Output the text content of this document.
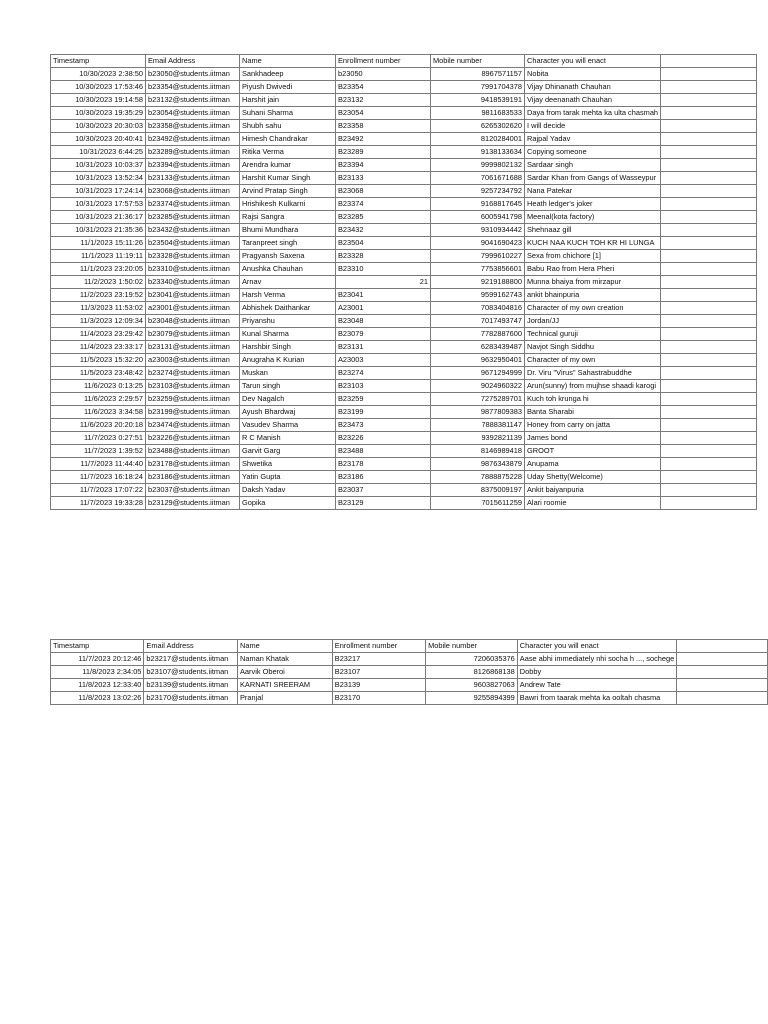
Timestamp	Email Address	Name	Enrollment number	Mobile number	Character you will enact	
10/30/2023 2:38:50	b23050@students.iitman	Sankhadeep	b23050	8967571157	Nobita	
10/30/2023 17:53:46	b23354@students.iitman	Piyush Dwivedi	B23354	7991704378	Vijay Dhinanath Chauhan	
10/30/2023 19:14:58	b23132@students.iitman	Harshit jain	B23132	9418539191	Vijay deenanath Chauhan	
10/30/2023 19:35:29	b23054@students.iitman	Suhani Sharma	B23054	9811683533	Daya from tarak mehta ka ulta chasmah	
10/30/2023 20:30:03	b23358@students.iitman	Shubh sahu	B23358	6265302620	I will decide	
10/30/2023 20:40:41	b23492@students.iitman	Himesh Chandrakar	B23492	8120284001	Rajpal Yadav	
10/31/2023 6:44:25	b23289@students.iitman	Ritika Verma	B23289	9138133634	Copying someone	
10/31/2023 10:03:37	b23394@students.iitman	Arendra kumar	B23394	9999802132	Sardaar singh	
10/31/2023 13:52:34	b23133@students.iitman	Harshit Kumar Singh	B23133	7061671688	Sardar Khan from Gangs of Wasseypur	
10/31/2023 17:24:14	b23068@students.iitman	Arvind Pratap Singh	B23068	9257234792	Nana Patekar	
10/31/2023 17:57:53	b23374@students.iitman	Hrishikesh Kulkarni	B23374	9168817645	Heath ledger's joker	
10/31/2023 21:36:17	b23285@students.iitman	Rajsi Sangra	B23285	6005941798	Meenal(kota factory)	
10/31/2023 21:35:36	b23432@students.iitman	Bhumi Mundhara	B23432	9310934442	Shehnaaz gill	
11/1/2023 15:11:26	b23504@students.iitman	Taranpreet singh	B23504	9041690423	KUCH NAA KUCH TOH KR HI LUNGA	
11/1/2023 11:19:11	b23328@students.iitman	Pragyansh Saxena	B23328	7999610227	Sexa from chichore [1]	
11/1/2023 23:20:05	b23310@students.iitman	Anushka Chauhan	B23310	7753856601	Babu Rao from Hera Pheri	
11/2/2023 1:50:02	b23340@students.iitman	Arnav	21	9219188800	Munna bhaiya from mirzapur	
11/2/2023 23:19:52	b23041@students.iitman	Harsh Verma	B23041	9599162743	ankit bhainpuria	
11/3/2023 11:53:02	a23001@students.iitman	Abhishek Daithankar	A23001	7083404816	Character of my own creation	
11/3/2023 12:09:34	b23048@students.iitman	Priyanshu	B23048	7017493747	Jordan/JJ	
11/4/2023 23:29:42	b23079@students.iitman	Kunal Sharma	B23079	7782887600	Technical guruji	
11/4/2023 23:33:17	b23131@students.iitman	Harshbir Singh	B23131	6283439487	Navjot Singh Siddhu	
11/5/2023 15:32:20	a23003@students.iitman	Anugraha K Kurian	A23003	9632950401	Character of my own	
11/5/2023 23:48:42	b23274@students.iitman	Muskan	B23274	9671294999	Dr. Viru "Virus" Sahastrabuddhe	
11/6/2023 0:13:25	b23103@students.iitman	Tarun singh	B23103	9024960322	Arun(sunny) from mujhse shaadi karogi	
11/6/2023 2:29:57	b23259@students.iitman	Dev Nagalch	B23259	7275289701	Kuch toh krunga hi	
11/6/2023 3:34:58	b23199@students.iitman	Ayush Bhardwaj	B23199	9877809383	Banta Sharabi	
11/6/2023 20:20:18	b23474@students.iitman	Vasudev Sharma	B23473	7888381147	Honey from carry on jatta	
11/7/2023 0:27:51	b23226@students.iitman	R C Manish	B23226	9392821139	James bond	
11/7/2023 1:39:52	b23488@students.iitman	Garvit Garg	B23488	8146989418	GROOT	
11/7/2023 11:44:40	b23178@students.iitman	Shwetika	B23178	9876343879	Anupama	
11/7/2023 16:18:24	b23186@students.iitman	Yatin Gupta	B23186	7888875228	Uday Shetty(Welcome)	
11/7/2023 17:07:22	b23037@students.iitman	Daksh Yadav	B23037	8375009197	Ankit baiyanpuria	
11/7/2023 19:33:28	b23129@students.iitman	Gopika	B23129	7015611259	Alari roomie	
Timestamp	Email Address	Name	Enrollment number	Mobile number	Character you will enact	
11/7/2023 20:12:46	b23217@students.iitman	Naman Khatak	B23217	7206035376	Aase abhi immediately nhi socha h ..., sochege	
11/8/2023 2:34:05	b23107@students.iitman	Aarvik Oberoi	B23107	8126868138	Dobby	
11/8/2023 12:33:40	b23139@students.iitman	KARNATI SREERAM	B23139	9603827063	Andrew Tate	
11/8/2023 13:02:26	b23170@students.iitman	Pranjal	B23170	9255894399	Bawri from taarak mehta ka ooltah chasma	
